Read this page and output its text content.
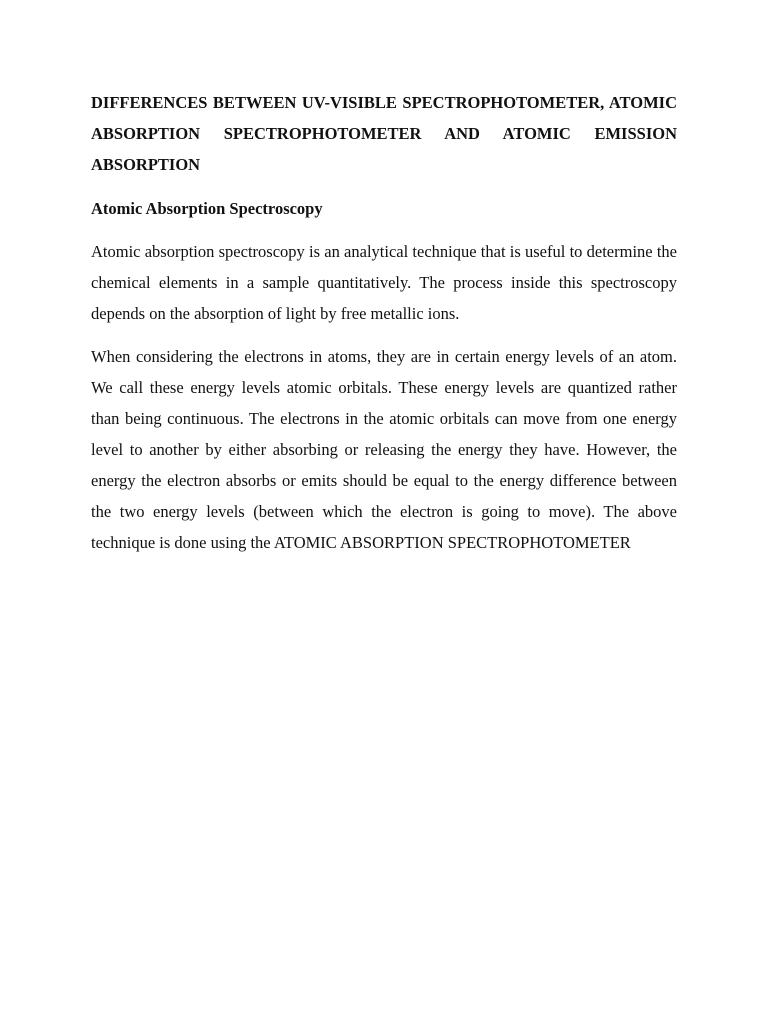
DIFFERENCES BETWEEN UV-VISIBLE SPECTROPHOTOMETER, ATOMIC ABSORPTION SPECTROPHOTOMETER AND ATOMIC EMISSION ABSORPTION
Atomic Absorption Spectroscopy

Atomic absorption spectroscopy is an analytical technique that is useful to determine the chemical elements in a sample quantitatively. The process inside this spectroscopy depends on the absorption of light by free metallic ions.

When considering the electrons in atoms, they are in certain energy levels of an atom. We call these energy levels atomic orbitals. These energy levels are quantized rather than being continuous. The electrons in the atomic orbitals can move from one energy level to another by either absorbing or releasing the energy they have. However, the energy the electron absorbs or emits should be equal to the energy difference between the two energy levels (between which the electron is going to move). The above technique is done using the ATOMIC ABSORPTION SPECTROPHOTOMETER
